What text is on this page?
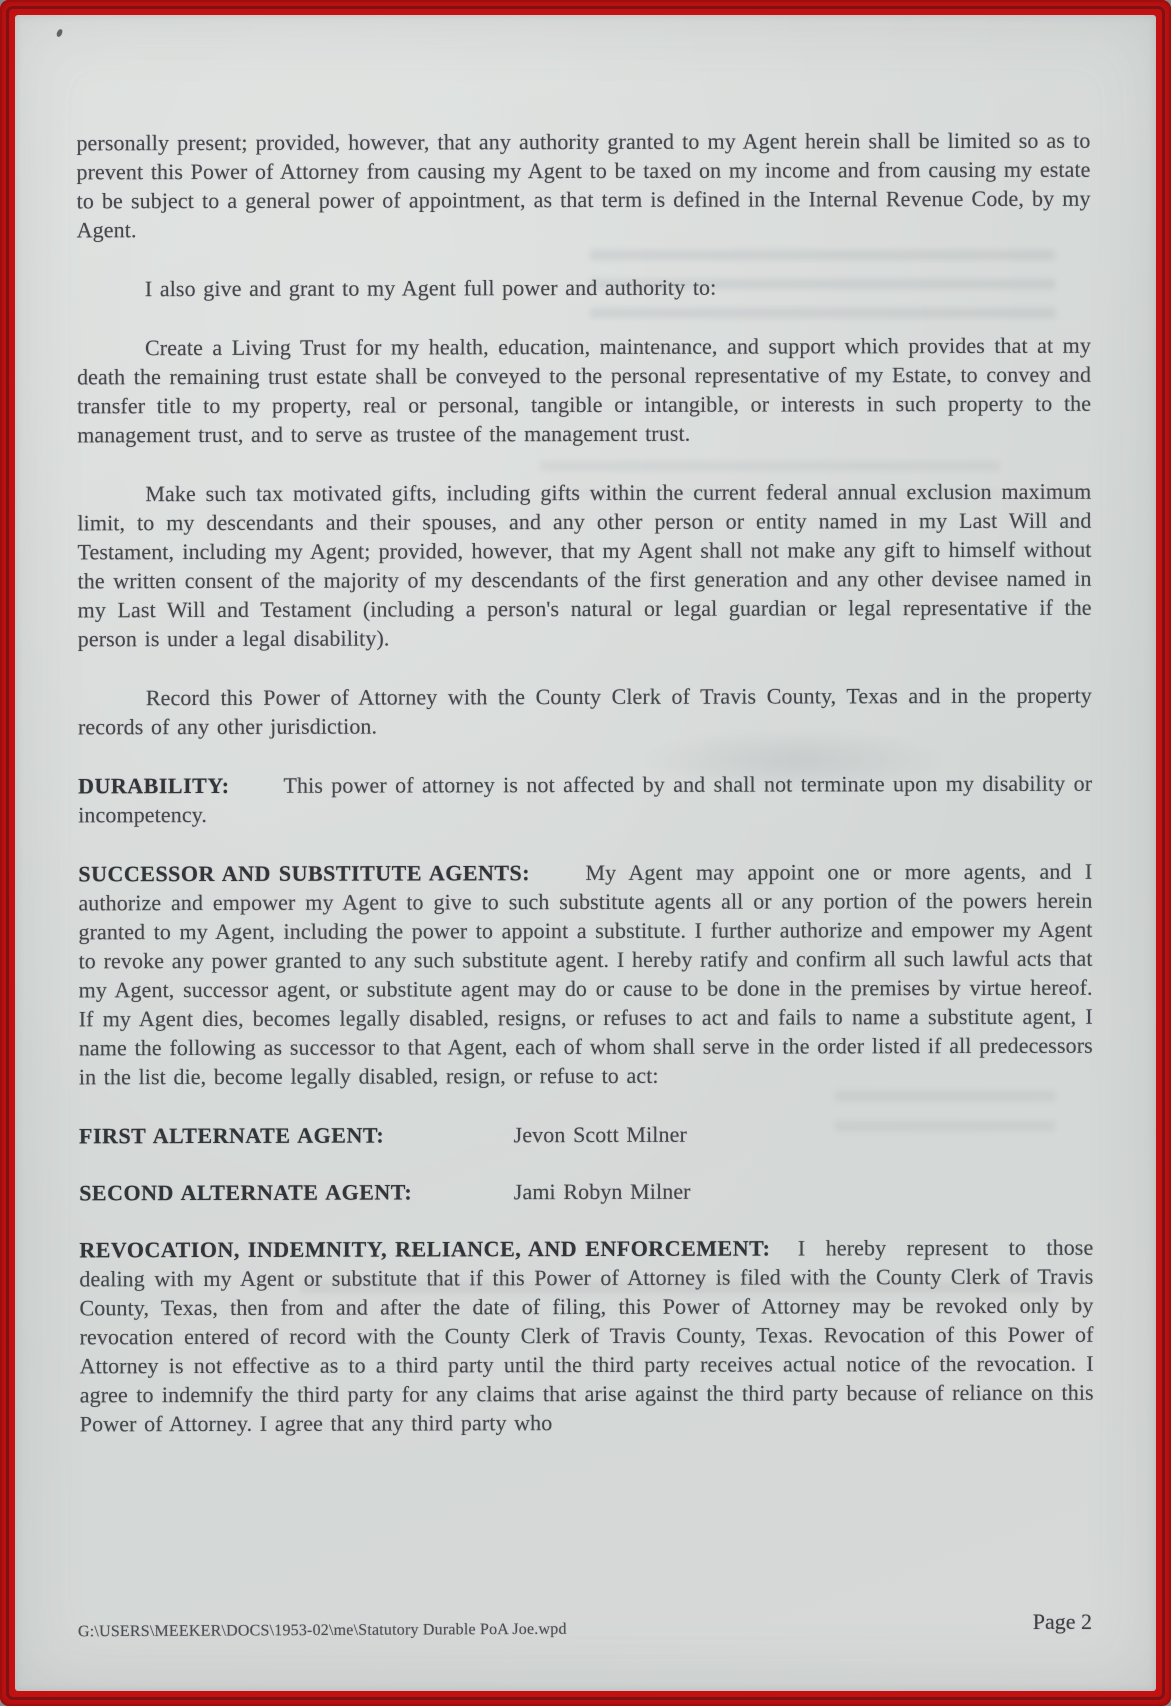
personally present; provided, however, that any authority granted to my Agent herein shall be limited so as to prevent this Power of Attorney from causing my Agent to be taxed on my income and from causing my estate to be subject to a general power of appointment, as that term is defined in the Internal Revenue Code, by my Agent.

I also give and grant to my Agent full power and authority to:

Create a Living Trust for my health, education, maintenance, and support which provides that at my death the remaining trust estate shall be conveyed to the personal representative of my Estate, to convey and transfer title to my property, real or personal, tangible or intangible, or interests in such property to the management trust, and to serve as trustee of the management trust.

Make such tax motivated gifts, including gifts within the current federal annual exclusion maximum limit, to my descendants and their spouses, and any other person or entity named in my Last Will and Testament, including my Agent; provided, however, that my Agent shall not make any gift to himself without the written consent of the majority of my descendants of the first generation and any other devisee named in my Last Will and Testament (including a person's natural or legal guardian or legal representative if the person is under a legal disability).

Record this Power of Attorney with the County Clerk of Travis County, Texas and in the property records of any other jurisdiction.

DURABILITY: This power of attorney is not affected by and shall not terminate upon my disability or incompetency.

SUCCESSOR AND SUBSTITUTE AGENTS:	My Agent may appoint one or more agents, and I authorize and empower my Agent to give to such substitute agents all or any portion of the powers herein granted to my Agent, including the power to appoint a substitute. I further authorize and empower my Agent to revoke any power granted to any such substitute agent. I hereby ratify and confirm all such lawful acts that my Agent, successor agent, or substitute agent may do or cause to be done in the premises by virtue hereof. If my Agent dies, becomes legally disabled, resigns, or refuses to act and fails to name a substitute agent, I name the following as successor to that Agent, each of whom shall serve in the order listed if all predecessors in the list die, become legally disabled, resign, or refuse to act:

FIRST ALTERNATE AGENT:	Jevon Scott Milner
SECOND ALTERNATE AGENT:	Jami Robyn Milner

REVOCATION, INDEMNITY, RELIANCE, AND ENFORCEMENT: I hereby represent to those dealing with my Agent or substitute that if this Power of Attorney is filed with the County Clerk of Travis County, Texas, then from and after the date of filing, this Power of Attorney may be revoked only by revocation entered of record with the County Clerk of Travis County, Texas. Revocation of this Power of Attorney is not effective as to a third party until the third party receives actual notice of the revocation. I agree to indemnify the third party for any claims that arise against the third party because of reliance on this Power of Attorney. I agree that any third party who

G:\USERS\MEEKER\DOCS\1953-02\me\Statutory Durable PoA Joe.wpd	Page 2
